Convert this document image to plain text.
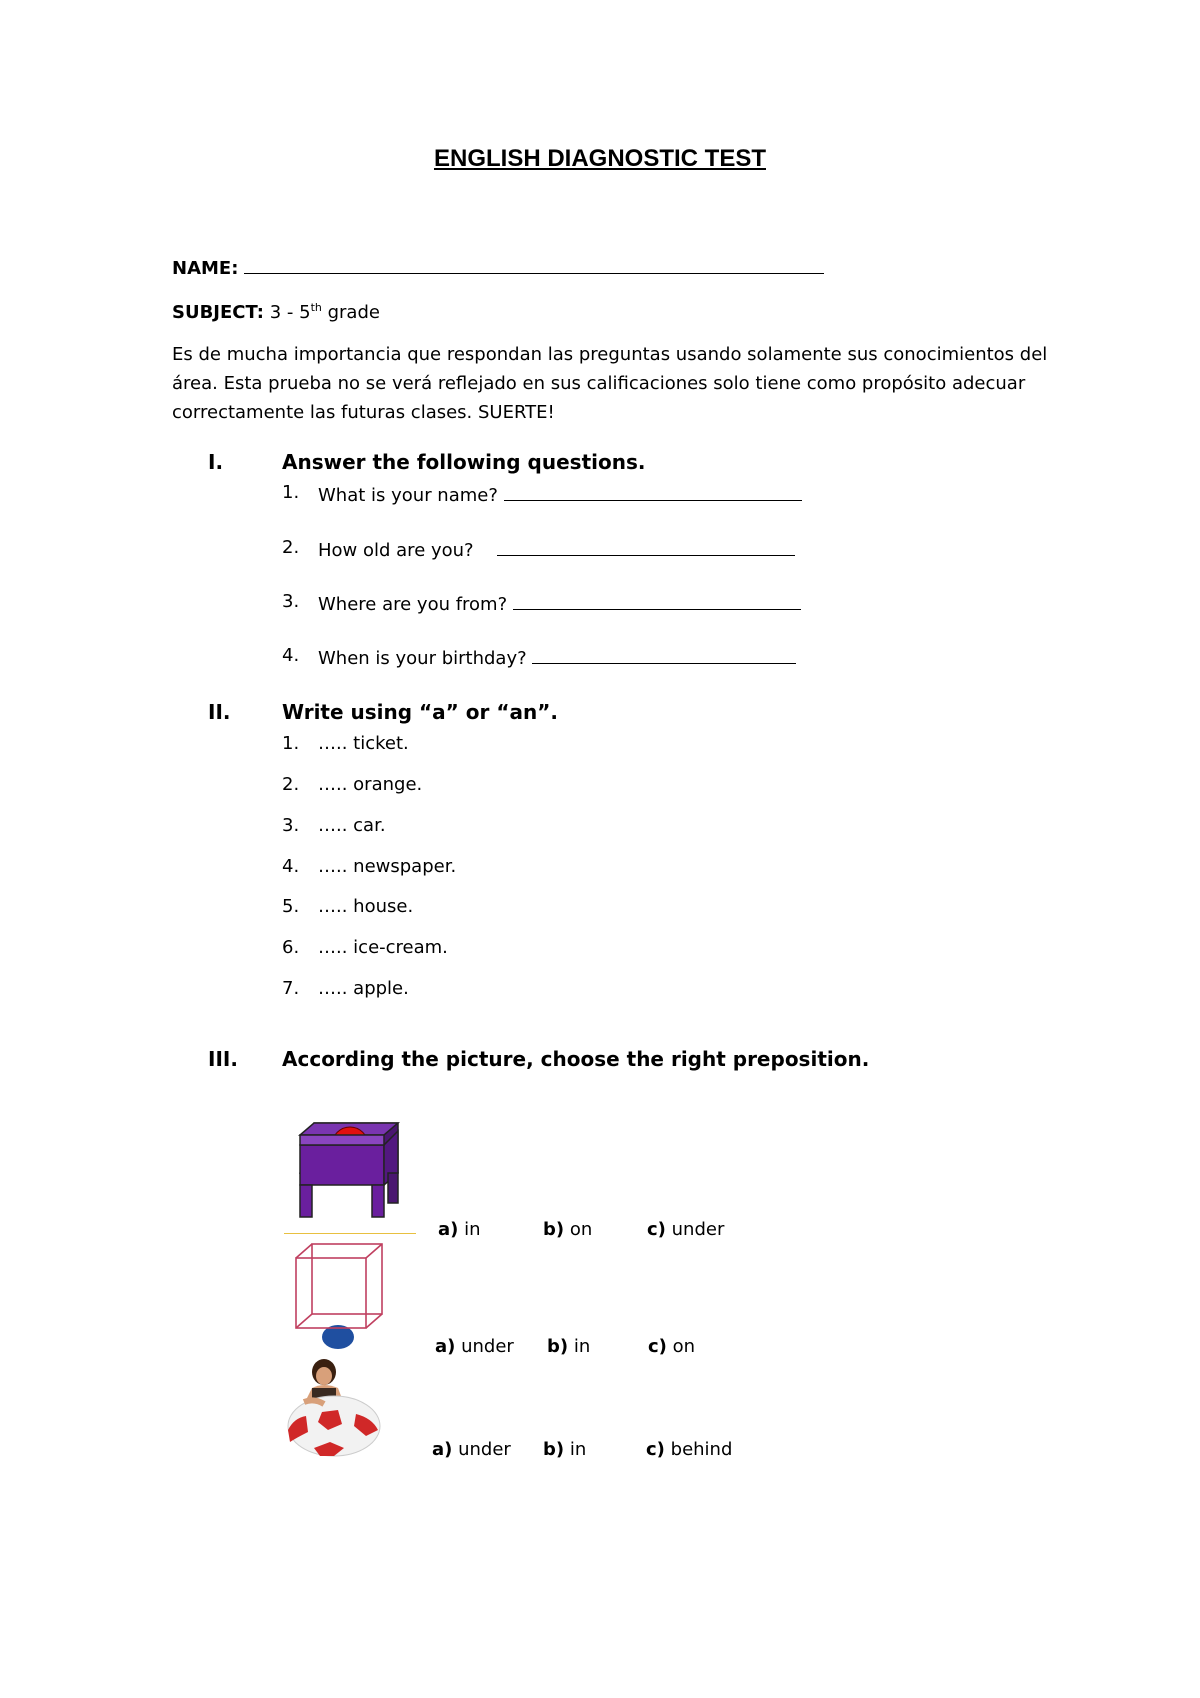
ENGLISH DIAGNOSTIC TEST
NAME:
SUBJECT: 3 - 5th grade
Es de mucha importancia que respondan las preguntas usando solamente sus conocimientos del área. Esta prueba no se verá reflejado en sus calificaciones solo tiene como propósito adecuar correctamente las futuras clases. SUERTE!
I.	Answer the following questions.
1. What is your name?
2. How old are you?
3. Where are you from?
4. When is your birthday?
II.	Write using “a” or “an”.
1. ….. ticket.
2. ….. orange.
3. ….. car.
4. ….. newspaper.
5. ….. house.
6. ….. ice-cream.
7. ….. apple.
III. According the picture, choose the right preposition.
a) in	b) on	c) under
a) under b) in	c) on
a) under b) in	c) behind
